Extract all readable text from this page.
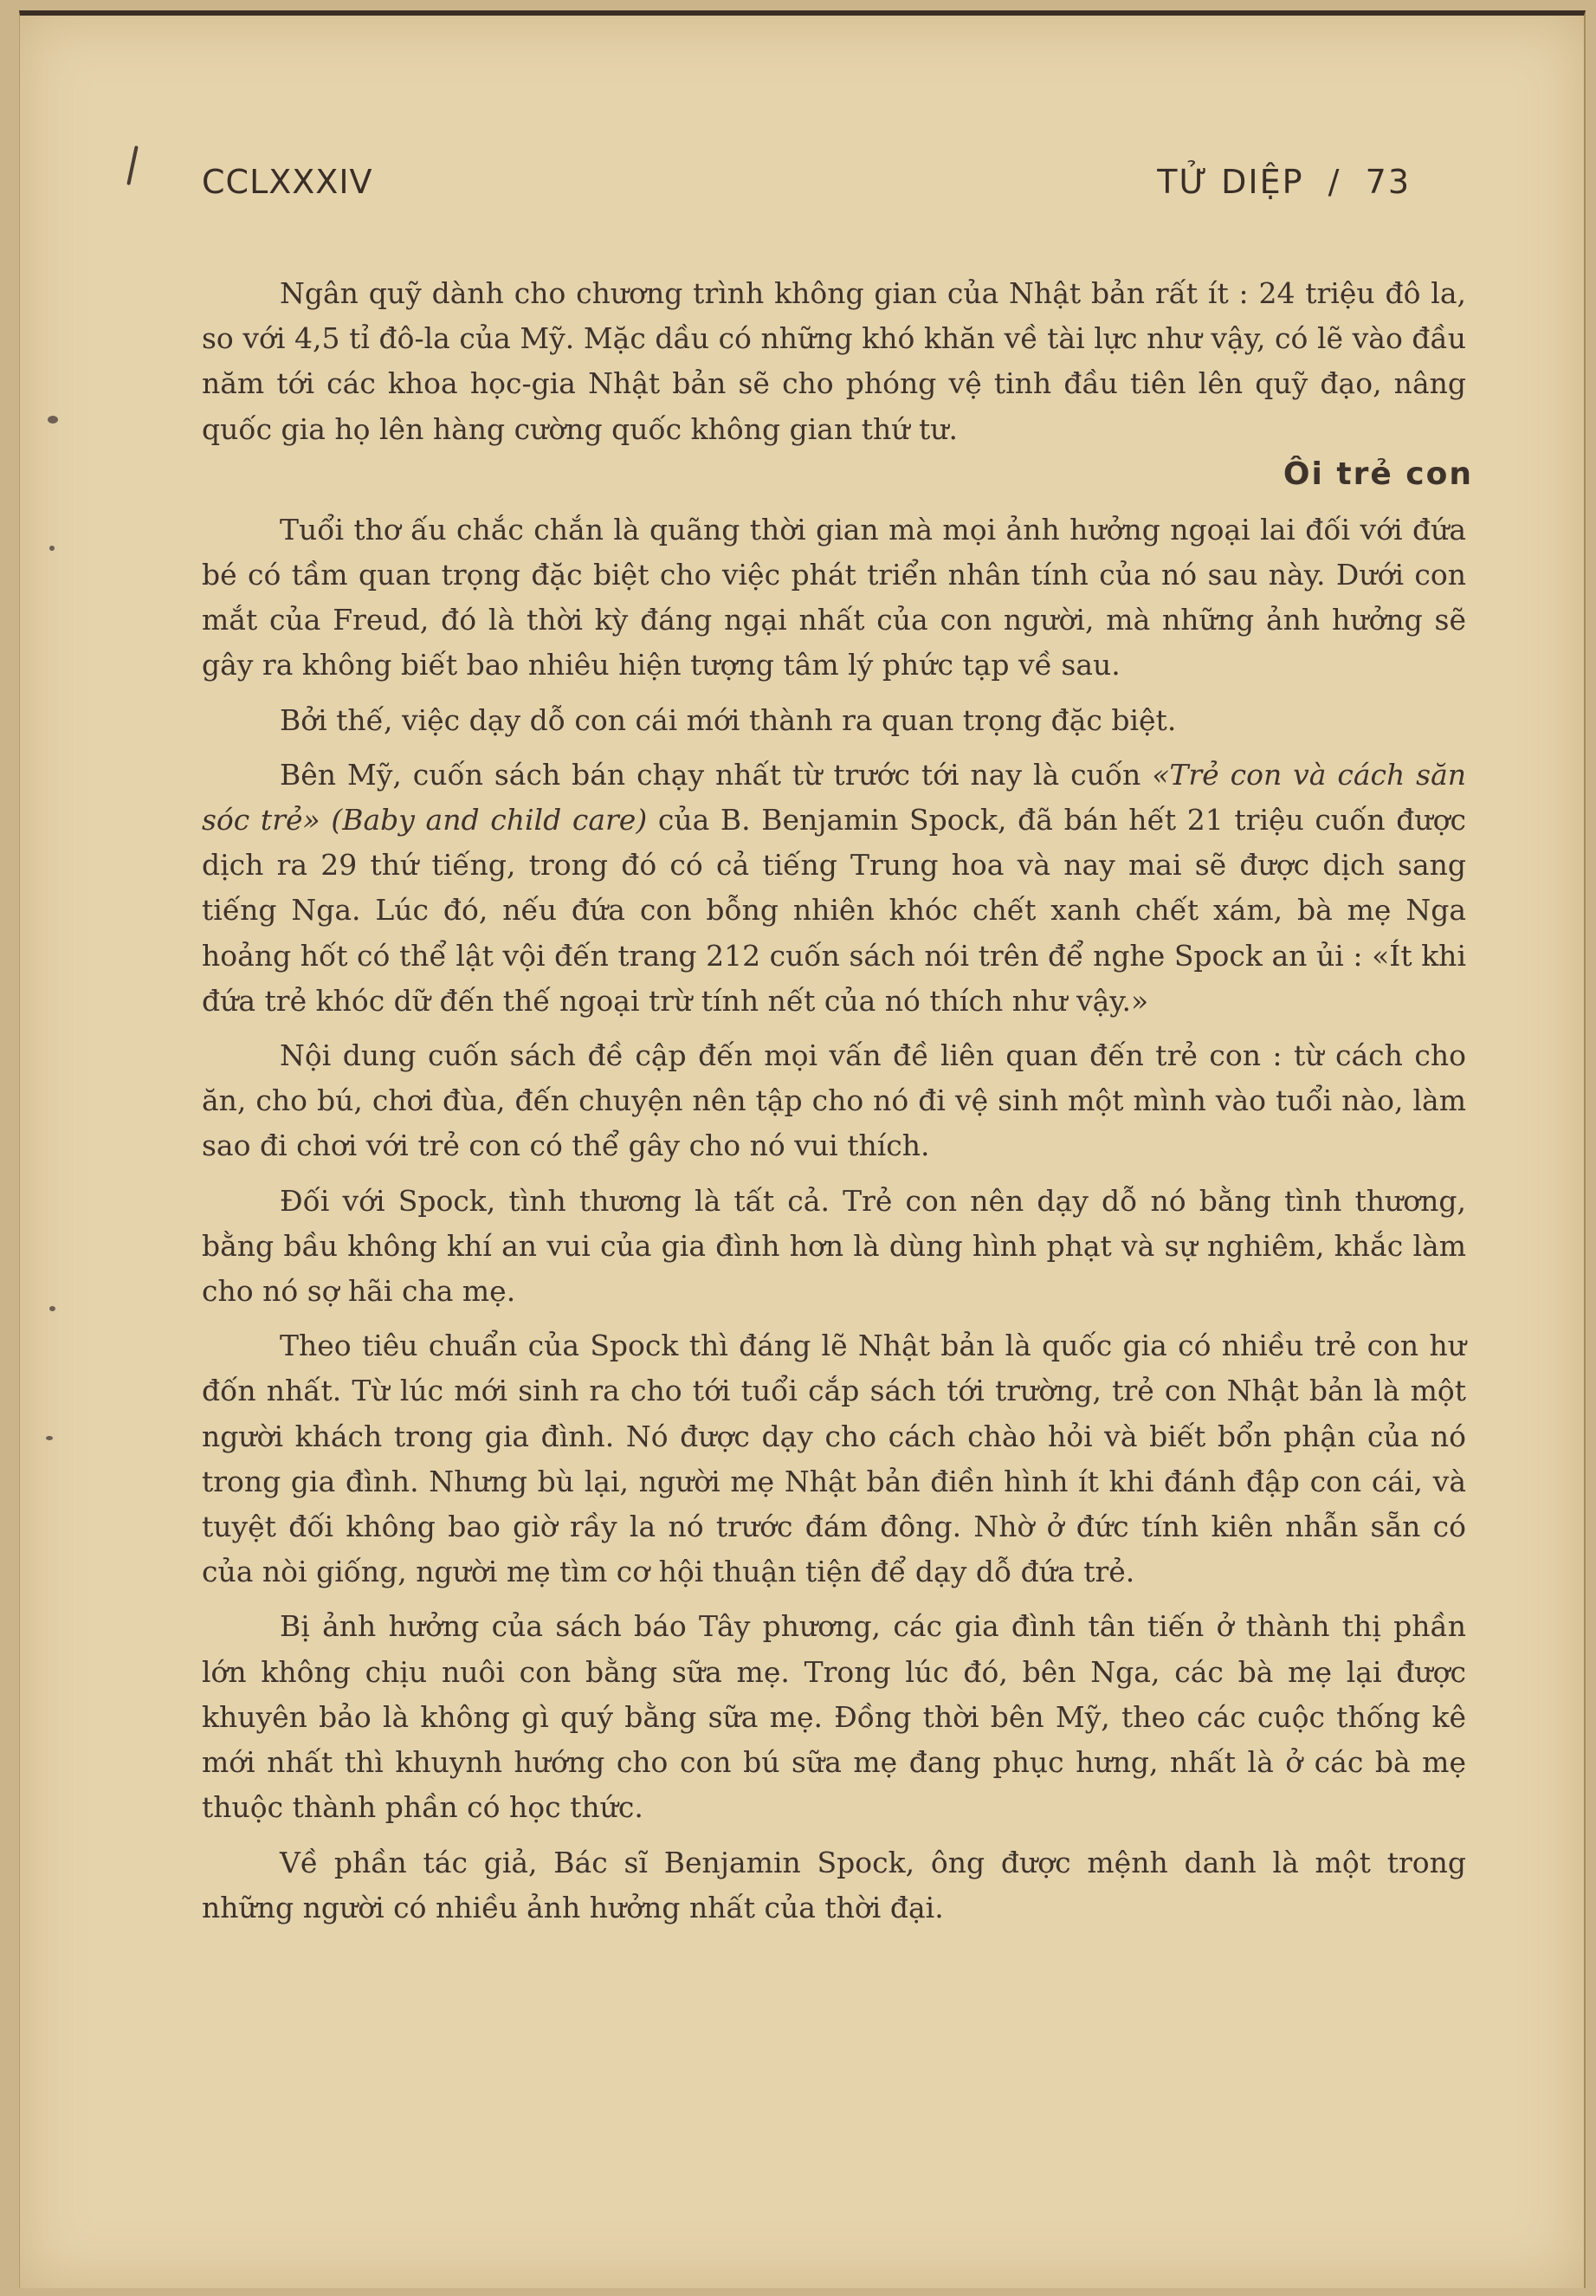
CCLXXXIV	TỬ DIỆP  /  73

Ngân quỹ dành cho chương trình không gian của Nhật bản rất ít : 24 triệu đô la, so với 4,5 tỉ đô-la của Mỹ. Mặc dầu có những khó khăn về tài lực như vậy, có lẽ vào đầu năm tới các khoa học-gia Nhật bản sẽ cho phóng vệ tinh đầu tiên lên quỹ đạo, nâng quốc gia họ lên hàng cường quốc không gian thứ tư.

Ôi trẻ con

Tuổi thơ ấu chắc chắn là quãng thời gian mà mọi ảnh hưởng ngoại lai đối với đứa bé có tầm quan trọng đặc biệt cho việc phát triển nhân tính của nó sau này. Dưới con mắt của Freud, đó là thời kỳ đáng ngại nhất của con người, mà những ảnh hưởng sẽ gây ra không biết bao nhiêu hiện tượng tâm lý phức tạp về sau.

Bởi thế, việc dạy dỗ con cái mới thành ra quan trọng đặc biệt.

Bên Mỹ, cuốn sách bán chạy nhất từ trước tới nay là cuốn «Trẻ con và cách săn sóc trẻ» (Baby and child care) của B. Benjamin Spock, đã bán hết 21 triệu cuốn được dịch ra 29 thứ tiếng, trong đó có cả tiếng Trung hoa và nay mai sẽ được dịch sang tiếng Nga. Lúc đó, nếu đứa con bỗng nhiên khóc chết xanh chết xám, bà mẹ Nga hoảng hốt có thể lật vội đến trang 212 cuốn sách nói trên để nghe Spock an ủi : «Ít khi đứa trẻ khóc dữ đến thế ngoại trừ tính nết của nó thích như vậy.»

Nội dung cuốn sách đề cập đến mọi vấn đề liên quan đến trẻ con : từ cách cho ăn, cho bú, chơi đùa, đến chuyện nên tập cho nó đi vệ sinh một mình vào tuổi nào, làm sao đi chơi với trẻ con có thể gây cho nó vui thích.

Đối với Spock, tình thương là tất cả. Trẻ con nên dạy dỗ nó bằng tình thương, bằng bầu không khí an vui của gia đình hơn là dùng hình phạt và sự nghiêm, khắc làm cho nó sợ hãi cha mẹ.

Theo tiêu chuẩn của Spock thì đáng lẽ Nhật bản là quốc gia có nhiều trẻ con hư đốn nhất. Từ lúc mới sinh ra cho tới tuổi cắp sách tới trường, trẻ con Nhật bản là một người khách trong gia đình. Nó được dạy cho cách chào hỏi và biết bổn phận của nó trong gia đình. Nhưng bù lại, người mẹ Nhật bản điền hình ít khi đánh đập con cái, và tuyệt đối không bao giờ rầy la nó trước đám đông. Nhờ ở đức tính kiên nhẫn sẵn có của nòi giống, người mẹ tìm cơ hội thuận tiện để dạy dỗ đứa trẻ.

Bị ảnh hưởng của sách báo Tây phương, các gia đình tân tiến ở thành thị phần lớn không chịu nuôi con bằng sữa mẹ. Trong lúc đó, bên Nga, các bà mẹ lại được khuyên bảo là không gì quý bằng sữa mẹ. Đồng thời bên Mỹ, theo các cuộc thống kê mới nhất thì khuynh hướng cho con bú sữa mẹ đang phục hưng, nhất là ở các bà mẹ thuộc thành phần có học thức.

Về phần tác giả, Bác sĩ Benjamin Spock, ông được mệnh danh là một trong những người có nhiều ảnh hưởng nhất của thời đại.
